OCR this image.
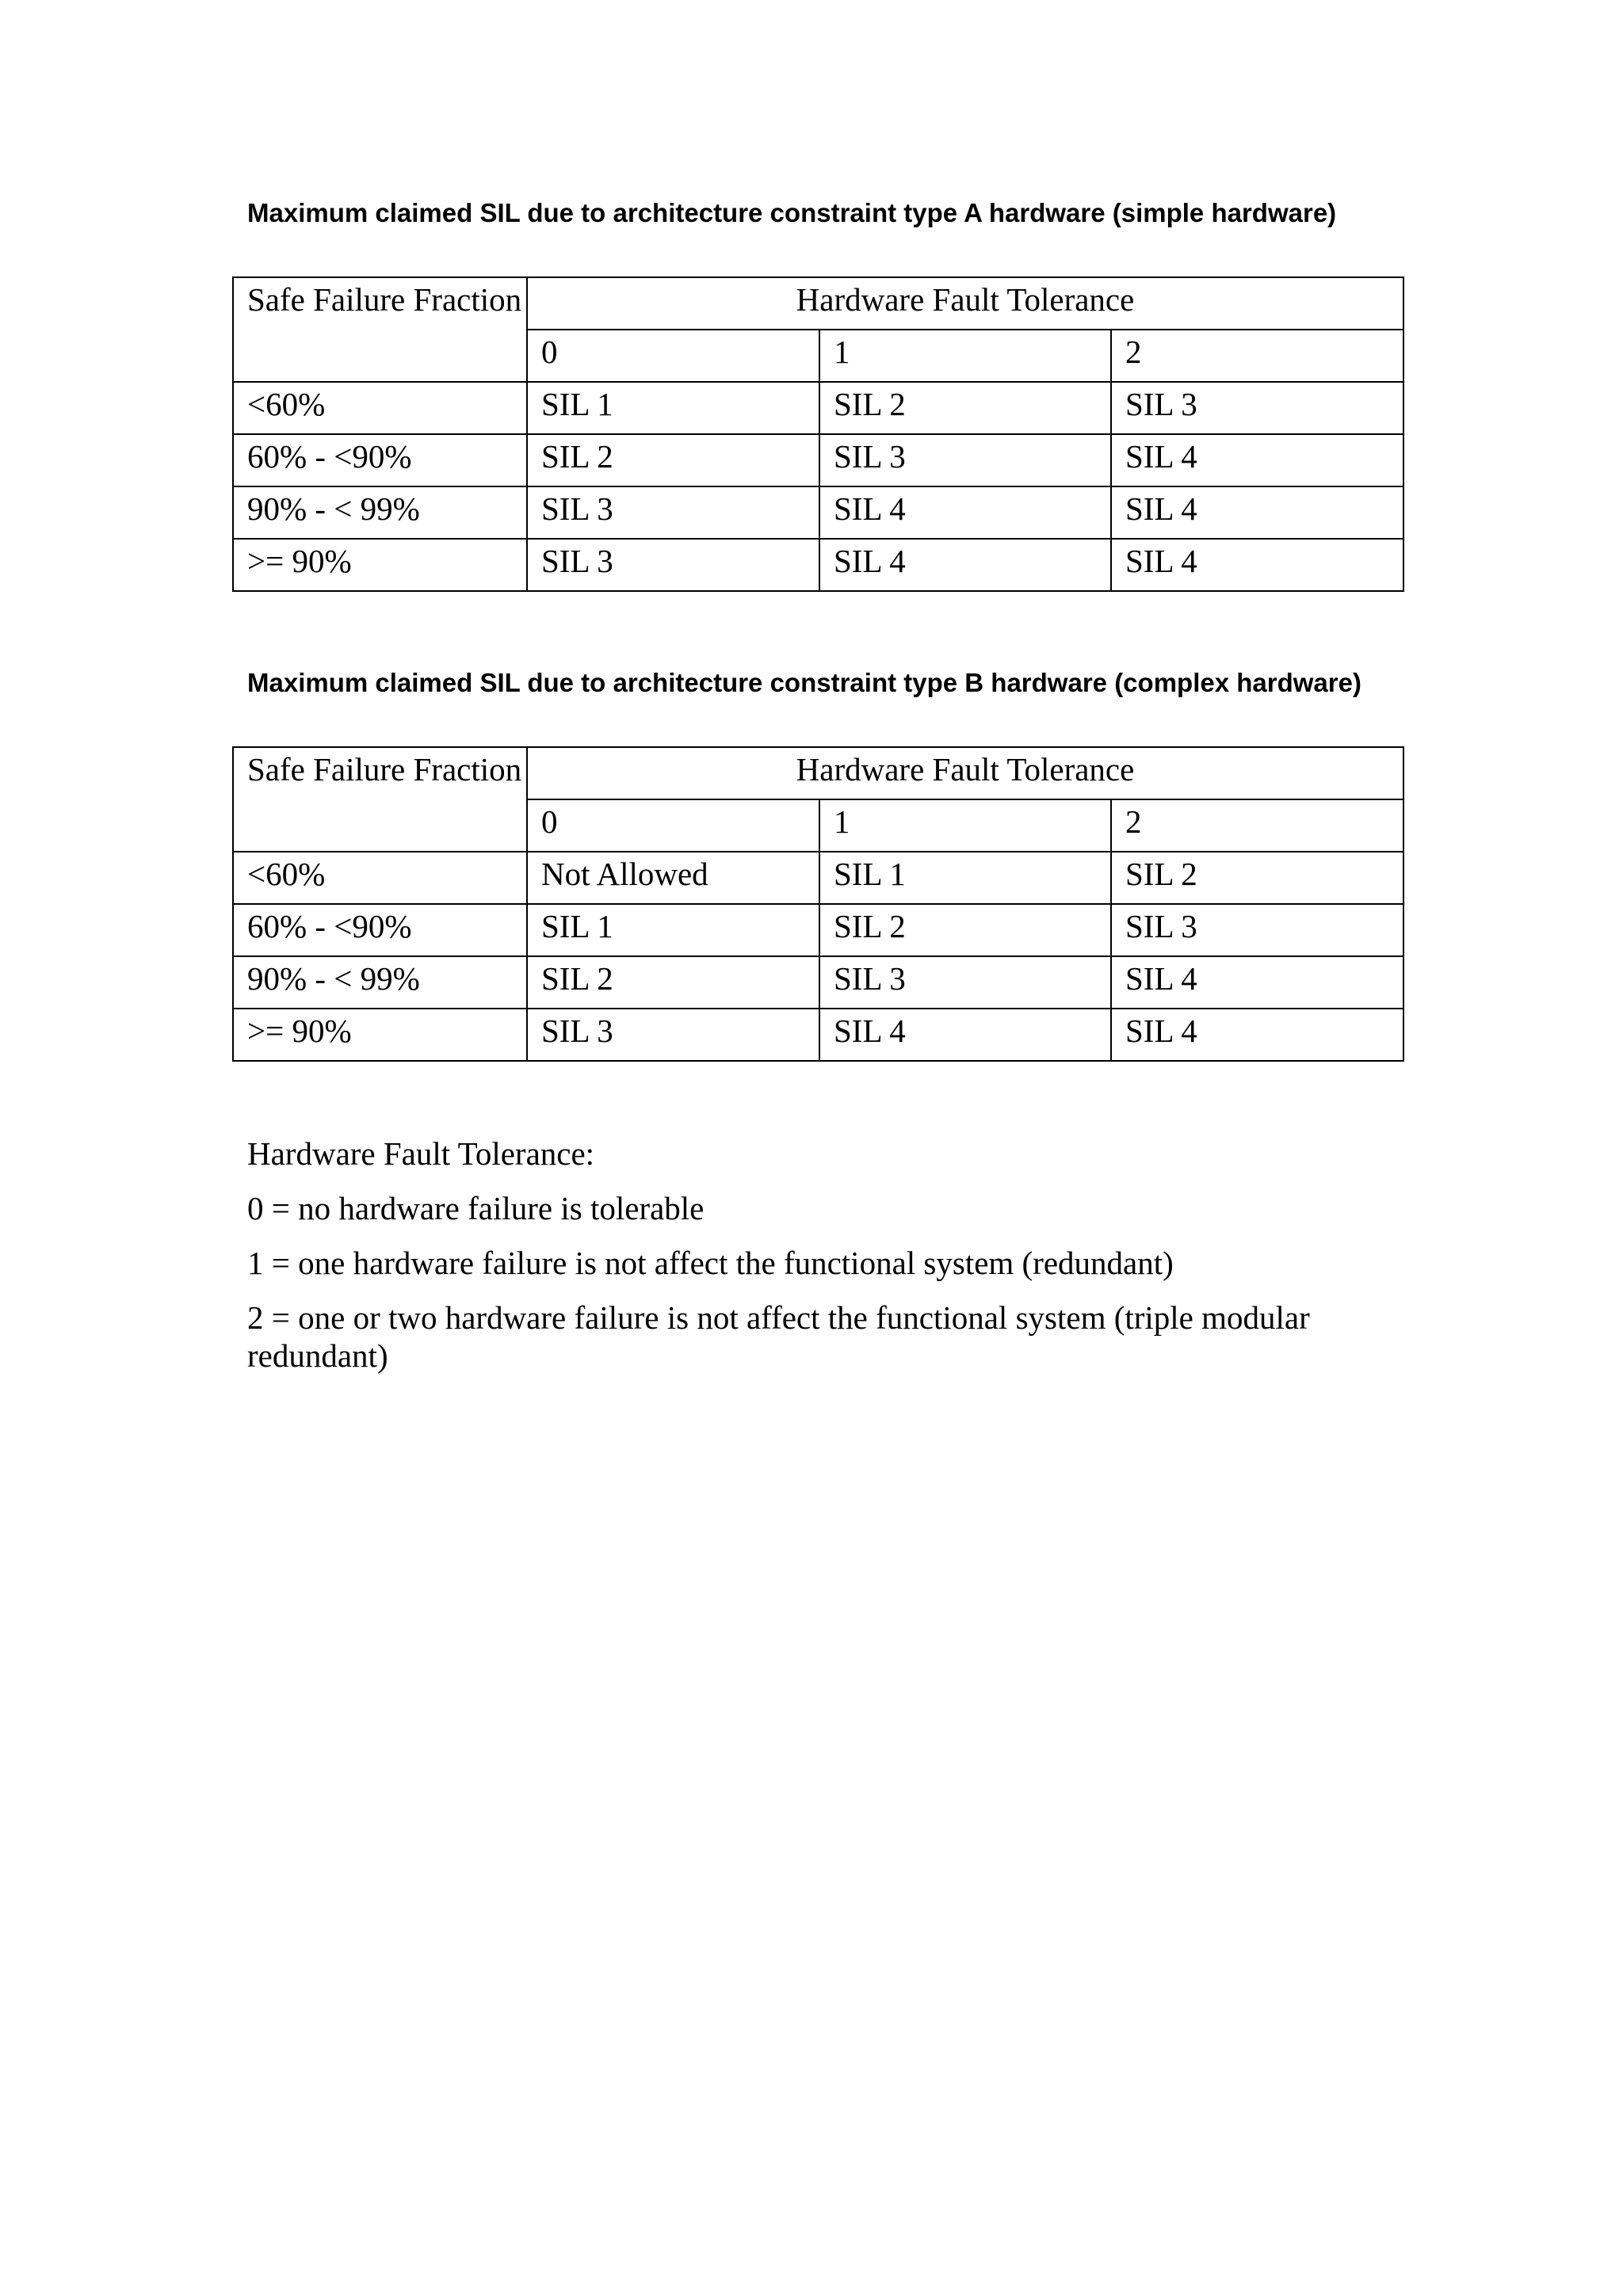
Maximum claimed SIL due to architecture constraint type A hardware (simple hardware)

Safe Failure Fraction	Hardware Fault Tolerance		

	0	1	2

<60%	SIL 1	SIL 2	SIL 3

60% - <90%	SIL 2	SIL 3	SIL 4

90% - < 99%	SIL 3	SIL 4	SIL 4

>= 90%	SIL 3	SIL 4	SIL 4

Maximum claimed SIL due to architecture constraint type B hardware (complex hardware)

Safe Failure Fraction	Hardware Fault Tolerance		

	0	1	2

<60%	Not Allowed	SIL 1	SIL 2

60% - <90%	SIL 1	SIL 2	SIL 3

90% - < 99%	SIL 2	SIL 3	SIL 4

>= 90%	SIL 3	SIL 4	SIL 4

Hardware Fault Tolerance:

0 = no hardware failure is tolerable

1 = one hardware failure is not affect the functional system (redundant)

2 = one or two hardware failure is not affect the functional system (triple modular redundant)
